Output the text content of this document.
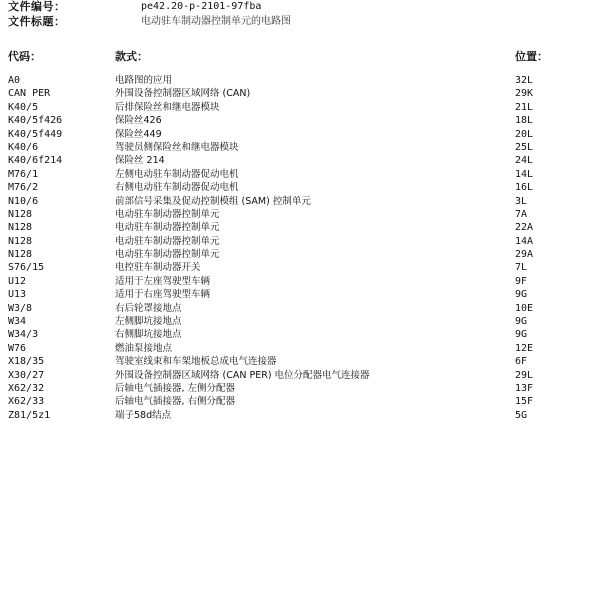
文件编号：	pe42.20-p-2101-97fba
文件标题：	电动驻车制动器控制单元的电路图
代码：	款式：	位置：
A0	电路图的应用	32L
CAN PER	外围设备控制器区域网络 (CAN)	29K
K40/5	后排保险丝和继电器模块	21L
K40/5f426	保险丝426	18L
K40/5f449	保险丝449	20L
K40/6	驾驶员侧保险丝和继电器模块	25L
K40/6f214	保险丝 214	24L
M76/1	左侧电动驻车制动器促动电机	14L
M76/2	右侧电动驻车制动器促动电机	16L
N10/6	前部信号采集及促动控制模组 (SAM) 控制单元	3L
N128	电动驻车制动器控制单元	7A
N128	电动驻车制动器控制单元	22A
N128	电动驻车制动器控制单元	14A
N128	电动驻车制动器控制单元	29A
S76/15	电控驻车制动器开关	7L
U12	适用于左座驾驶型车辆	9F
U13	适用于右座驾驶型车辆	9G
W3/8	右后轮罩接地点	10E
W34	左侧脚坑接地点	9G
W34/3	右侧脚坑接地点	9G
W76	燃油泵接地点	12E
X18/35	驾驶室线束和车架地板总成电气连接器	6F
X30/27	外围设备控制器区域网络 (CAN PER) 电位分配器电气连接器	29L
X62/32	后轴电气插接器, 左侧分配器	13F
X62/33	后轴电气插接器, 右侧分配器	15F
Z81/5z1	端子58d结点	5G
